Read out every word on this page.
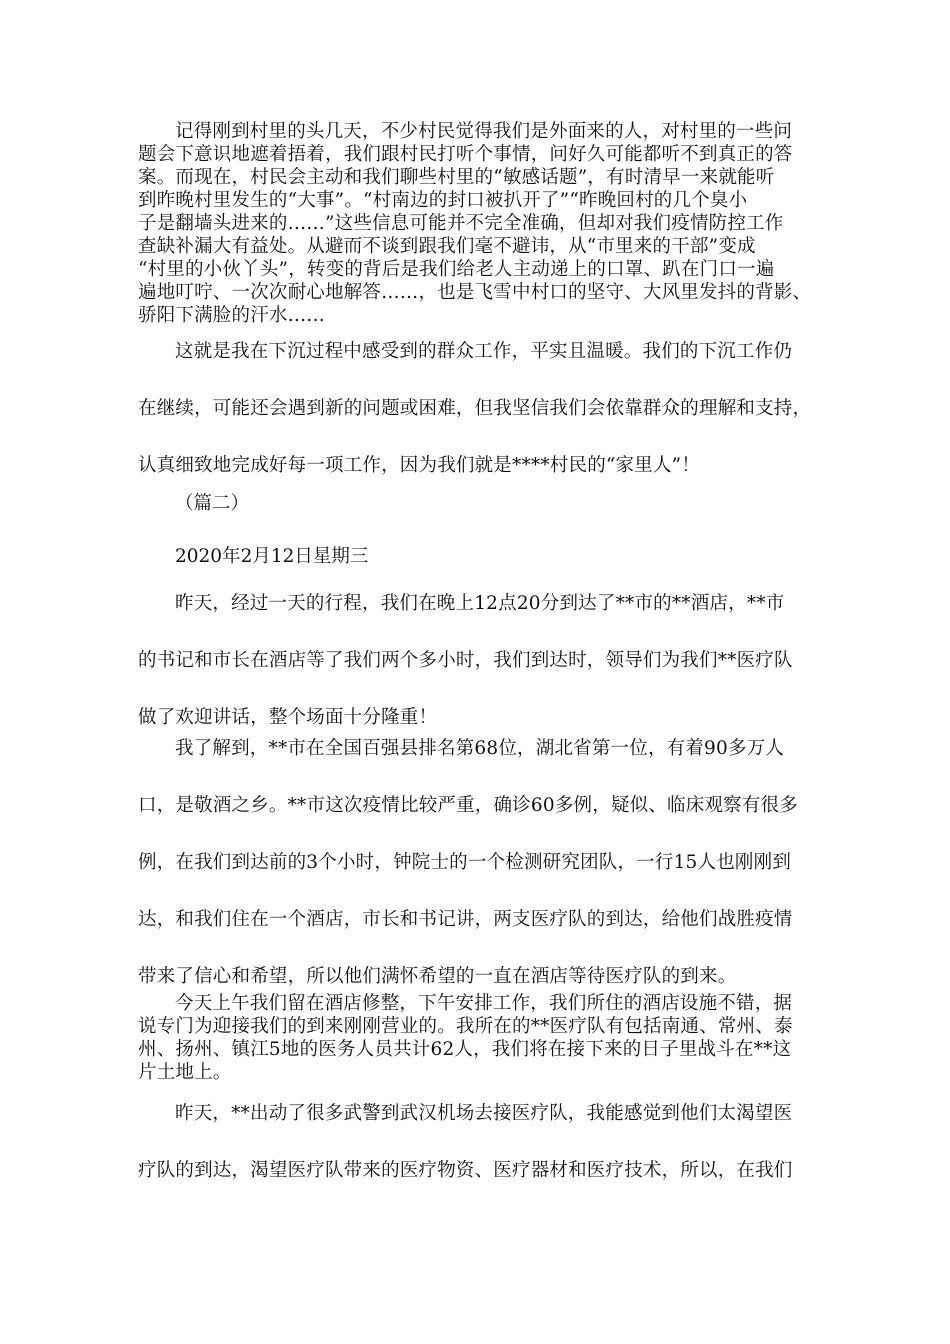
记得刚到村里的头几天，不少村民觉得我们是外面来的人，对村里的一些问
题会下意识地遮着捂着，我们跟村民打听个事情，问好久可能都听不到真正的答
案。而现在，村民会主动和我们聊些村里的“敏感话题”，有时清早一来就能听
到昨晚村里发生的“大事”。“村南边的封口被扒开了”“昨晚回村的几个臭小
子是翻墙头进来的……”这些信息可能并不完全准确，但却对我们疫情防控工作
查缺补漏大有益处。从避而不谈到跟我们毫不避讳，从“市里来的干部”变成
“村里的小伙丫头”，转变的背后是我们给老人主动递上的口罩、趴在门口一遍
遍地叮咛、一次次耐心地解答……，也是飞雪中村口的坚守、大风里发抖的背影、
骄阳下满脸的汗水……
这就是我在下沉过程中感受到的群众工作，平实且温暖。我们的下沉工作仍
在继续，可能还会遇到新的问题或困难，但我坚信我们会依靠群众的理解和支持，
认真细致地完成好每一项工作，因为我们就是****村民的“家里人”！

（篇二）

2020年2月12日星期三

昨天，经过一天的行程，我们在晚上12点20分到达了**市的**酒店，**市
的书记和市长在酒店等了我们两个多小时，我们到达时，领导们为我们**医疗队
做了欢迎讲话，整个场面十分隆重！
我了解到，**市在全国百强县排名第68位，湖北省第一位，有着90多万人
口，是敬酒之乡。**市这次疫情比较严重，确诊60多例，疑似、临床观察有很多
例，在我们到达前的3个小时，钟院士的一个检测研究团队，一行15人也刚刚到
达，和我们住在一个酒店，市长和书记讲，两支医疗队的到达，给他们战胜疫情
带来了信心和希望，所以他们满怀希望的一直在酒店等待医疗队的到来。
今天上午我们留在酒店修整，下午安排工作，我们所住的酒店设施不错，据
说专门为迎接我们的到来刚刚营业的。我所在的**医疗队有包括南通、常州、泰
州、扬州、镇江5地的医务人员共计62人，我们将在接下来的日子里战斗在**这
片土地上。
昨天，**出动了很多武警到武汉机场去接医疗队，我能感觉到他们太渴望医
疗队的到达，渴望医疗队带来的医疗物资、医疗器材和医疗技术，所以，在我们
